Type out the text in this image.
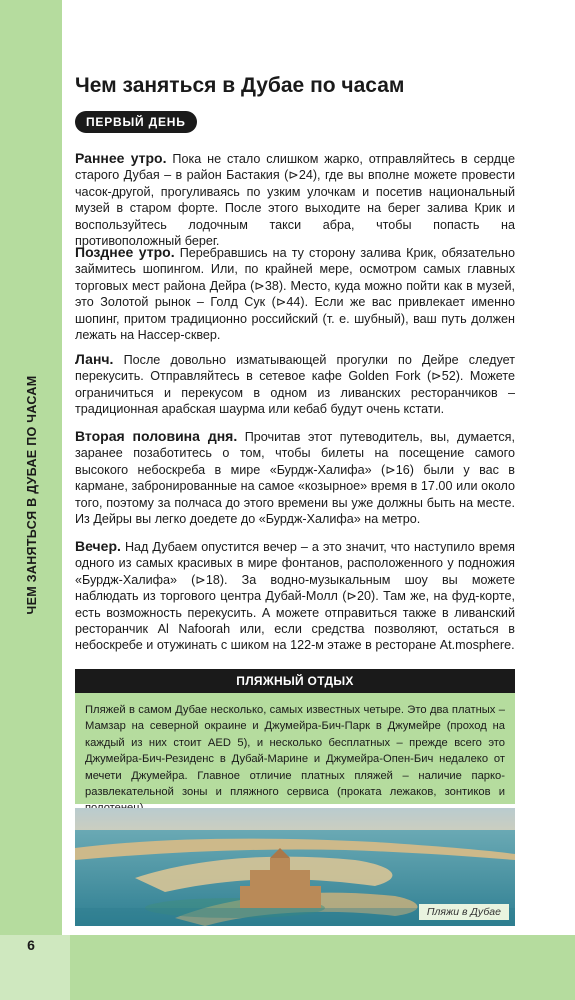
ЧЕМ ЗАНЯТЬСЯ В ДУБАЕ ПО ЧАСАМ
6
Чем заняться в Дубае по часам
ПЕРВЫЙ ДЕНЬ

Раннее утро. Пока не стало слишком жарко, отправляйтесь в сердце старого Дубая – в район Бастакия (⊳24), где вы вполне можете провести часок-другой, прогуливаясь по узким улочкам и посетив национальный музей в старом форте. После этого выходите на берег залива Крик и воспользуйтесь лодочным такси абра, чтобы попасть на противоположный берег.

Позднее утро. Перебравшись на ту сторону залива Крик, обязательно займитесь шопингом. Или, по крайней мере, осмотром самых главных торговых мест района Дейра (⊳38). Место, куда можно пойти как в музей, это Золотой рынок – Голд Сук (⊳44). Если же вас привлекает именно шопинг, притом традиционно российский (т. е. шубный), ваш путь должен лежать на Нассер-сквер.

Ланч. После довольно изматывающей прогулки по Дейре следует перекусить. Отправляйтесь в сетевое кафе Golden Fork (⊳52). Можете ограничиться и перекусом в одном из ливанских ресторанчиков – традиционная арабская шаурма или кебаб будут очень кстати.

Вторая половина дня. Прочитав этот путеводитель, вы, думается, заранее позаботитесь о том, чтобы билеты на посещение самого высокого небоскреба в мире «Бурдж-Халифа» (⊳16) были у вас в кармане, забронированные на самое «козырное» время в 17.00 или около того, поэтому за полчаса до этого времени вы уже должны быть на месте. Из Дейры вы легко доедете до «Бурдж-Халифа» на метро.

Вечер. Над Дубаем опустится вечер – а это значит, что наступило время одного из самых красивых в мире фонтанов, расположенного у подножия «Бурдж-Халифа» (⊳18). За водно-музыкальным шоу вы можете наблюдать из торгового центра Дубай-Молл (⊳20). Там же, на фуд-корте, есть возможность перекусить. А можете отправиться также в ливанский ресторанчик Al Nafoorah или, если средства позволяют, остаться в небоскребе и отужинать с шиком на 122-м этаже в ресторане At.mosphere.

ПЛЯЖНЫЙ ОТДЫХ
Пляжей в самом Дубае несколько, самых известных четыре. Это два платных – Мамзар на северной окраине и Джумейра-Бич-Парк в Джумейре (проход на каждый из них стоит AED 5), и несколько бесплатных – прежде всего это Джумейра-Бич-Резиденс в Дубай-Марине и Джумейра-Опен-Бич недалеко от мечети Джумейра. Главное отличие платных пляжей – наличие парко-развлекательной зоны и пляжного сервиса (проката лежаков, зонтиков и
Пляжи в Дубае
